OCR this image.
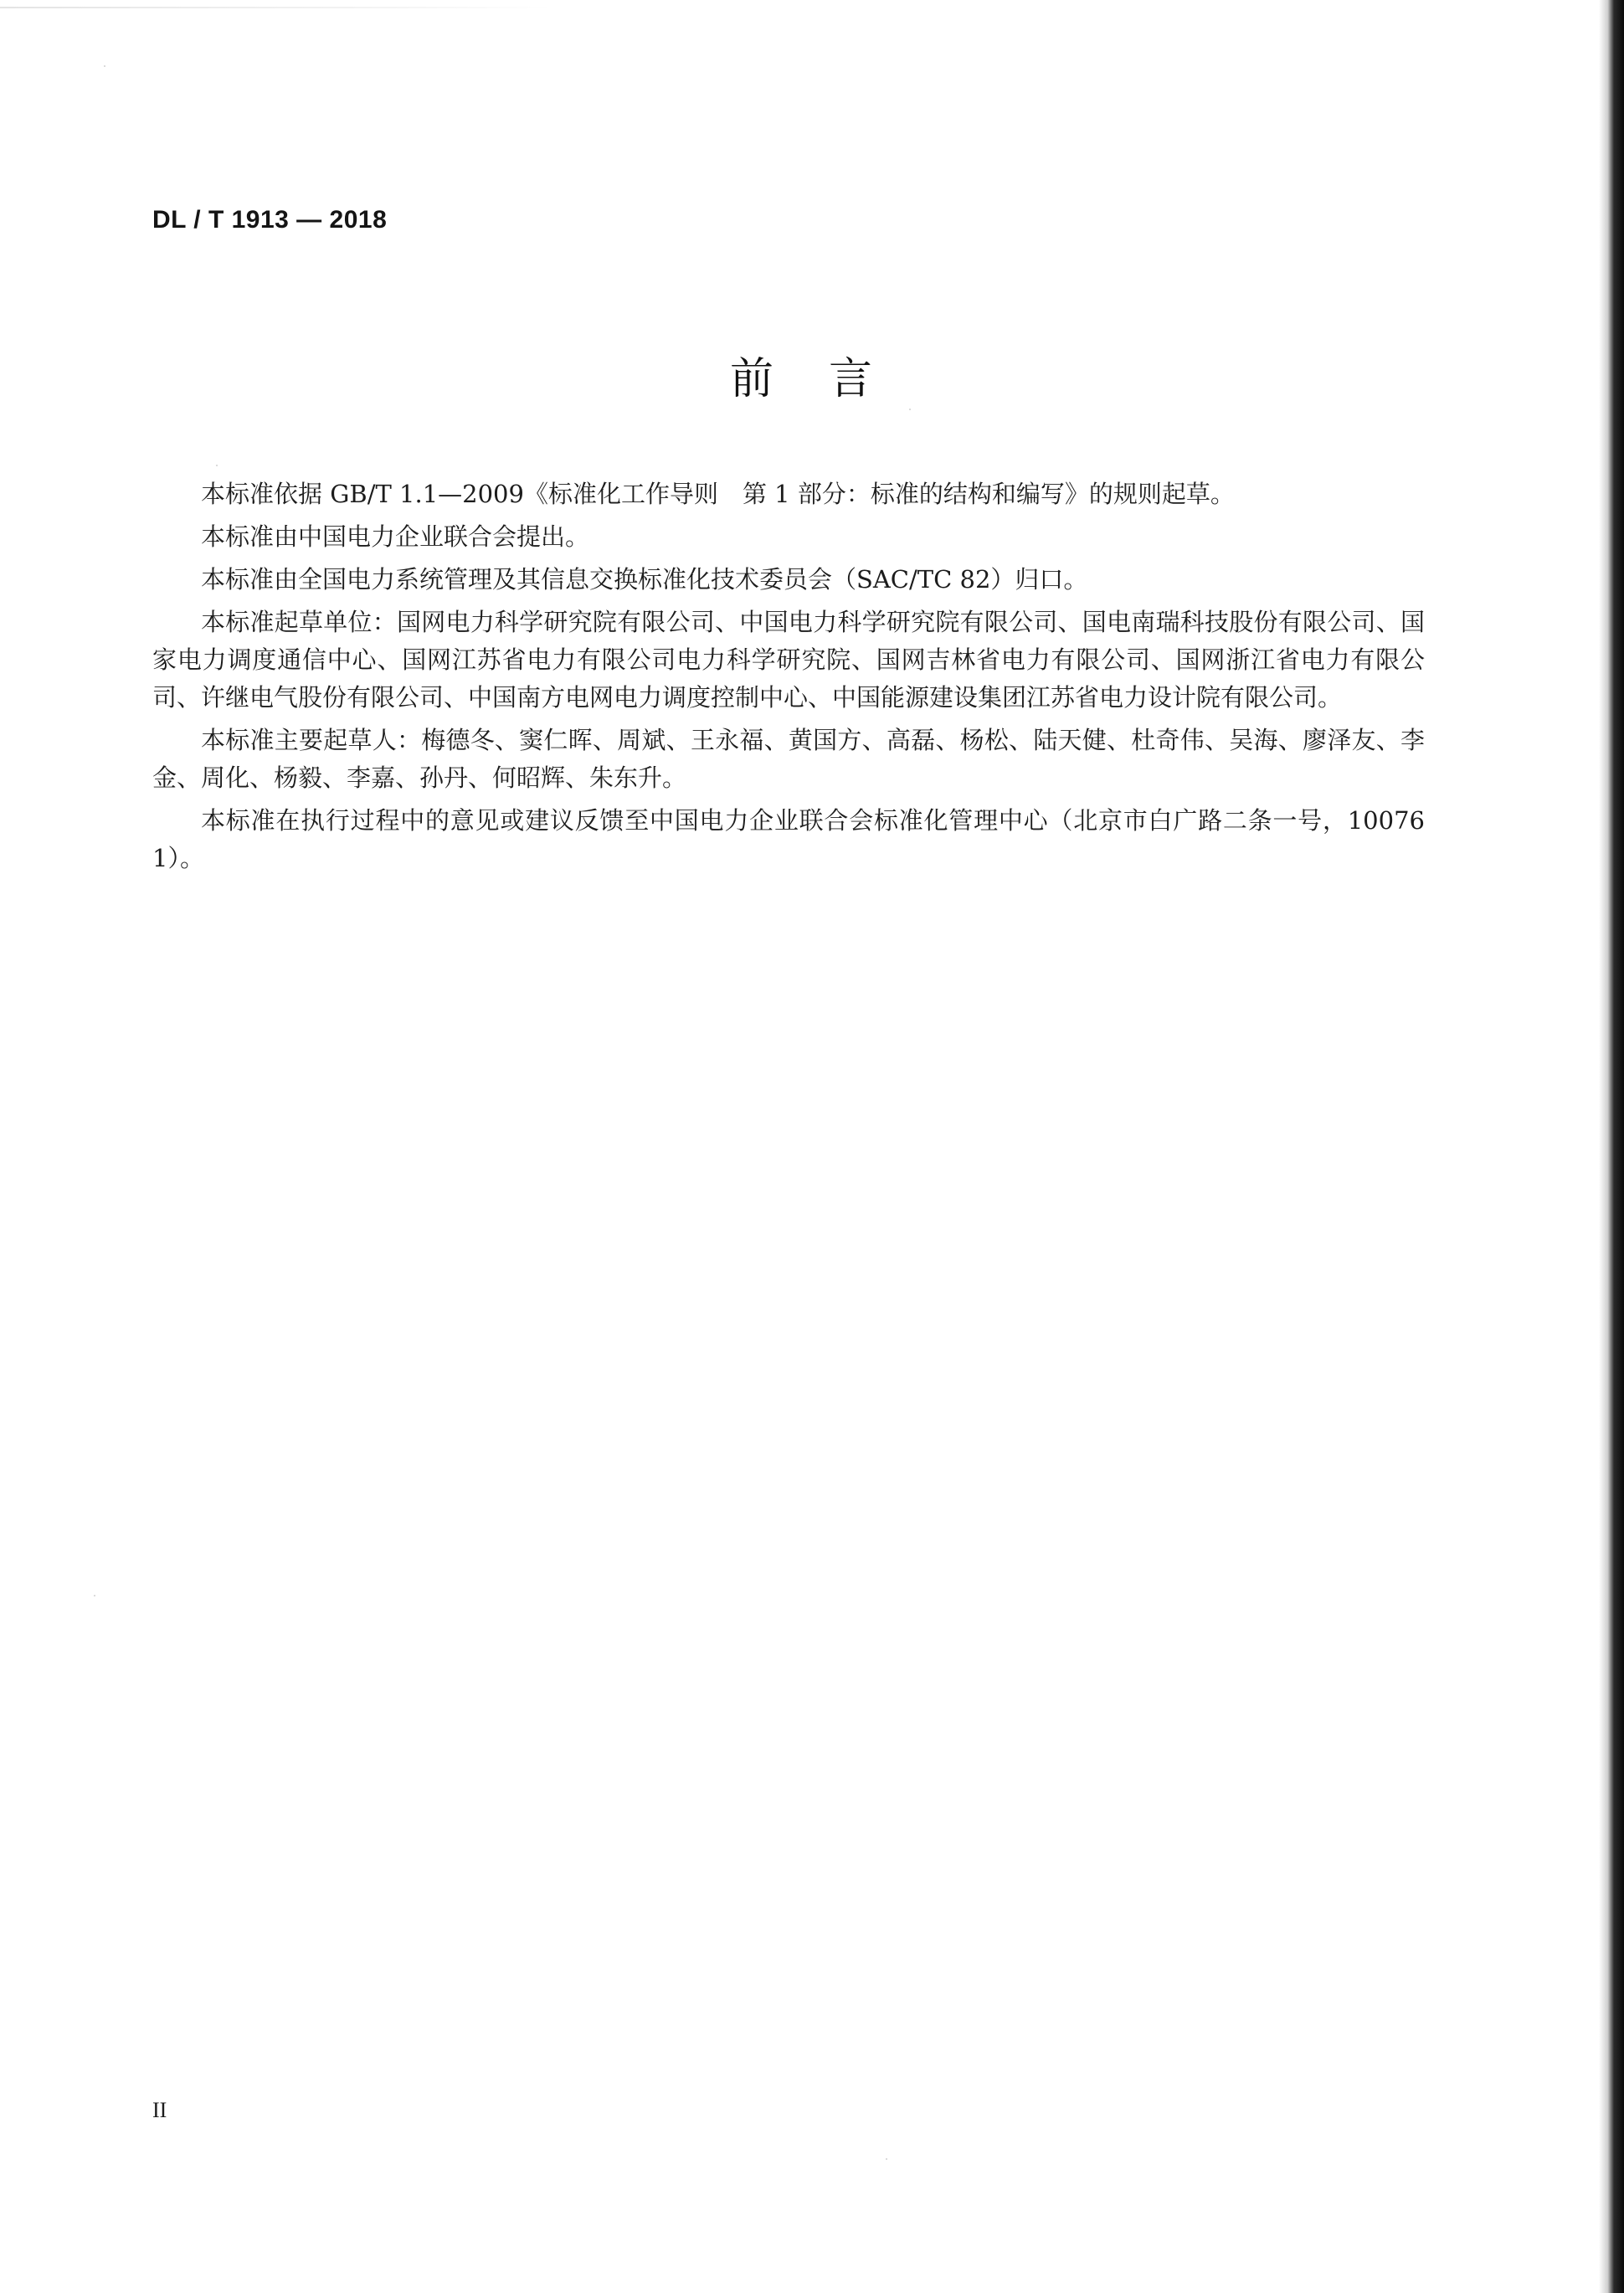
DL / T 1913 — 2018
前言

本标准依据 GB/T 1.1—2009《标准化工作导则　第 1 部分：标准的结构和编写》的规则起草。

本标准由中国电力企业联合会提出。

本标准由全国电力系统管理及其信息交换标准化技术委员会（SAC/TC 82）归口。

本标准起草单位：国网电力科学研究院有限公司、中国电力科学研究院有限公司、国电南瑞科技股份有限公司、国家电力调度通信中心、国网江苏省电力有限公司电力科学研究院、国网吉林省电力有限公司、国网浙江省电力有限公司、许继电气股份有限公司、中国南方电网电力调度控制中心、中国能源建设集团江苏省电力设计院有限公司。

本标准主要起草人：梅德冬、窦仁晖、周斌、王永福、黄国方、高磊、杨松、陆天健、杜奇伟、吴海、廖泽友、李金、周化、杨毅、李嘉、孙丹、何昭辉、朱东升。

本标准在执行过程中的意见或建议反馈至中国电力企业联合会标准化管理中心（北京市白广路二条一号，100761）。

II
